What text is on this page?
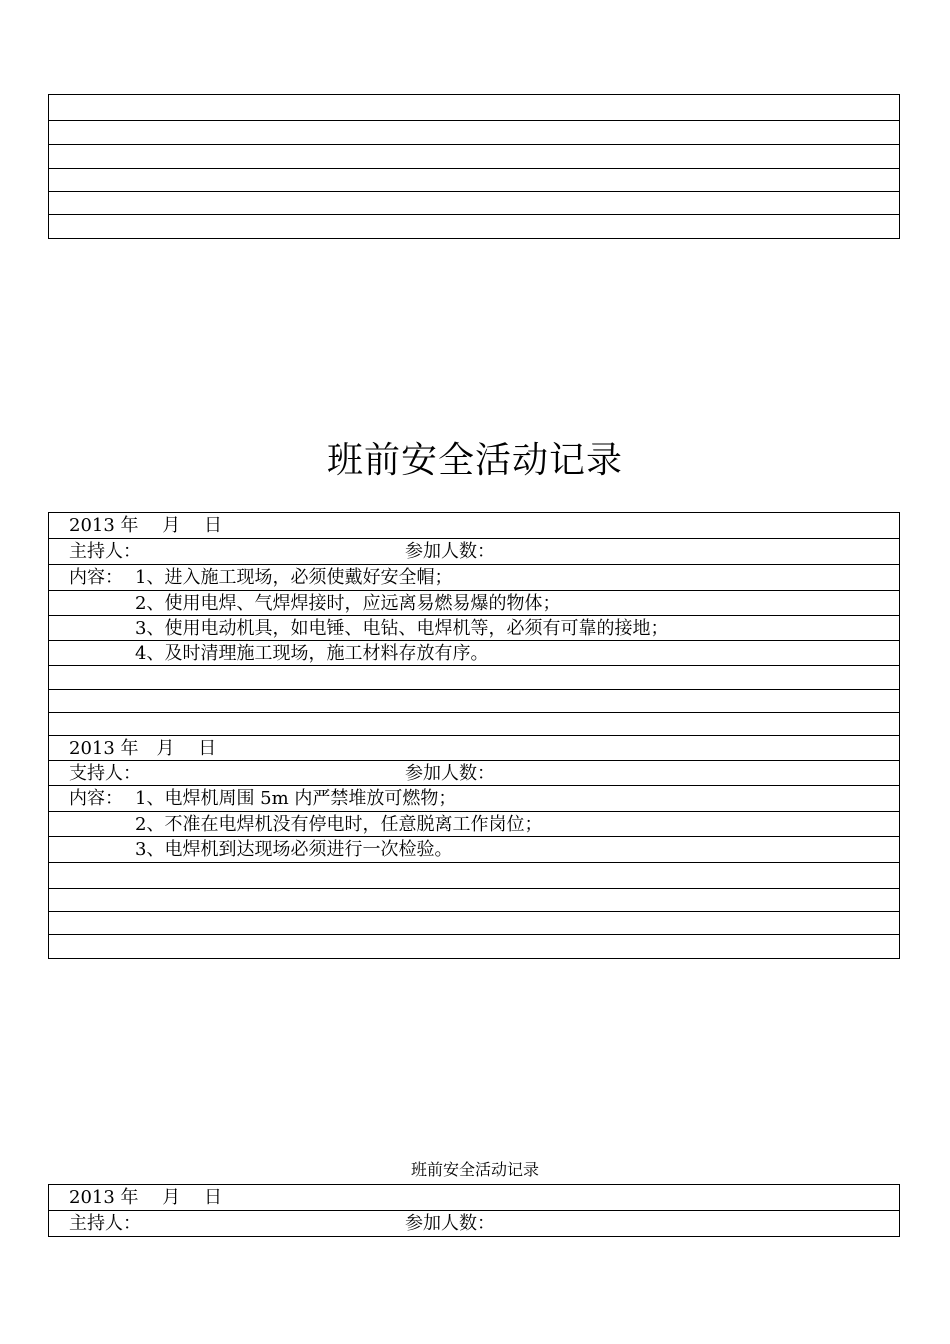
班前安全活动记录
2013 年　 月　 日
主持人：	参加人数：
内容： 1、进入施工现场，必须使戴好安全帽；
2、使用电焊、气焊焊接时，应远离易燃易爆的物体；
3、使用电动机具，如电锤、电钻、电焊机等，必须有可靠的接地；
4、及时清理施工现场，施工材料存放有序。
2013 年　月　 日
支持人：	参加人数：
内容： 1、电焊机周围 5m 内严禁堆放可燃物；
2、不准在电焊机没有停电时，任意脱离工作岗位；
3、电焊机到达现场必须进行一次检验。
班前安全活动记录
2013 年　 月　 日
主持人：	参加人数：
